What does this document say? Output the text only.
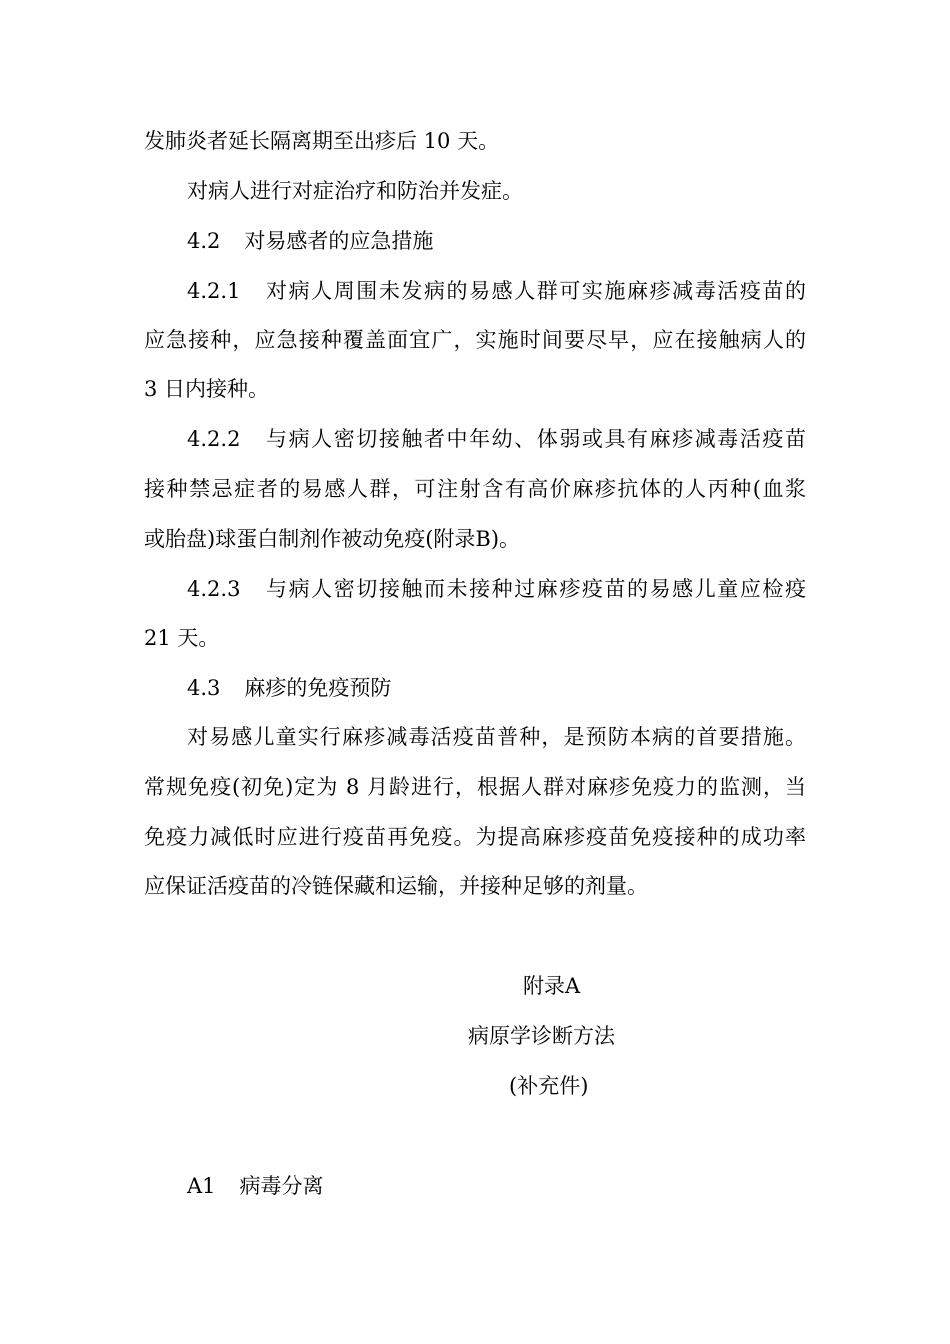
发肺炎者延长隔离期至出疹后 10 天。
对病人进行对症治疗和防治并发症。
4.2 对易感者的应急措施
4.2.1 对病人周围未发病的易感人群可实施麻疹减毒活疫苗的
应急接种，应急接种覆盖面宜广，实施时间要尽早，应在接触病人的
3 日内接种。
4.2.2 与病人密切接触者中年幼、体弱或具有麻疹减毒活疫苗
接种禁忌症者的易感人群，可注射含有高价麻疹抗体的人丙种(血浆
或胎盘)球蛋白制剂作被动免疫(附录B)。
4.2.3 与病人密切接触而未接种过麻疹疫苗的易感儿童应检疫
21 天。
4.3 麻疹的免疫预防
对易感儿童实行麻疹减毒活疫苗普种，是预防本病的首要措施。
常规免疫(初免)定为 8 月龄进行，根据人群对麻疹免疫力的监测，当
免疫力减低时应进行疫苗再免疫。为提高麻疹疫苗免疫接种的成功率
应保证活疫苗的冷链保藏和运输，并接种足够的剂量。
附录A
病原学诊断方法
(补充件)
A1 病毒分离
